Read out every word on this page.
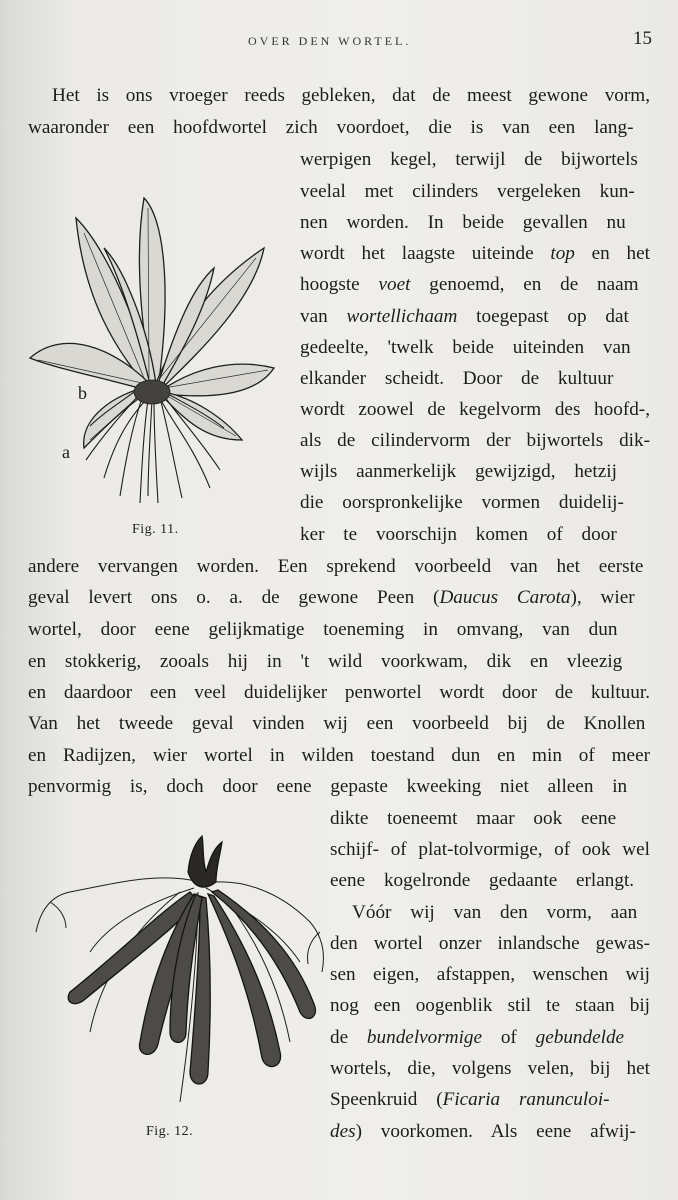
OVER DEN WORTEL.	15

Het is ons vroeger reeds gebleken, dat de meest gewone vorm,

waaronder een hoofdwortel zich voordoet, die is van een lang-

werpigen kegel, terwijl de bijwortels

veelal met cilinders vergeleken kun-

nen worden. In beide gevallen nu

wordt het laagste uiteinde top en het

hoogste voet genoemd, en de naam

van wortellichaam toegepast op dat

gedeelte, 'twelk beide uiteinden van

elkander scheidt. Door de kultuur

wordt zoowel de kegelvorm des hoofd-,

als de cilindervorm der bijwortels dik-

wijls aanmerkelijk gewijzigd, hetzij

die oorspronkelijke vormen duidelij-

ker te voorschijn komen of door

andere vervangen worden. Een sprekend voorbeeld van het eerste

geval levert ons o. a. de gewone Peen (Daucus Carota), wier

wortel, door eene gelijkmatige toeneming in omvang, van dun

en stokkerig, zooals hij in 't wild voorkwam, dik en vleezig

en daardoor een veel duidelijker penwortel wordt door de kultuur.

Van het tweede geval vinden wij een voorbeeld bij de Knollen

en Radijzen, wier wortel in wilden toestand dun en min of meer

penvormig is, doch door eene gepaste kweeking niet alleen in

dikte toeneemt maar ook eene

schijf- of plat-tolvormige, of ook wel

eene kogelronde gedaante erlangt.

Vóór wij van den vorm, aan

den wortel onzer inlandsche gewas-

sen eigen, afstappen, wenschen wij

nog een oogenblik stil te staan bij

de bundelvormige of gebundelde

wortels, die, volgens velen, bij het

Speenkruid (Ficaria ranunculoi-

des) voorkomen. Als eene afwij-

b
a
Fig. 11.
Fig. 12.
